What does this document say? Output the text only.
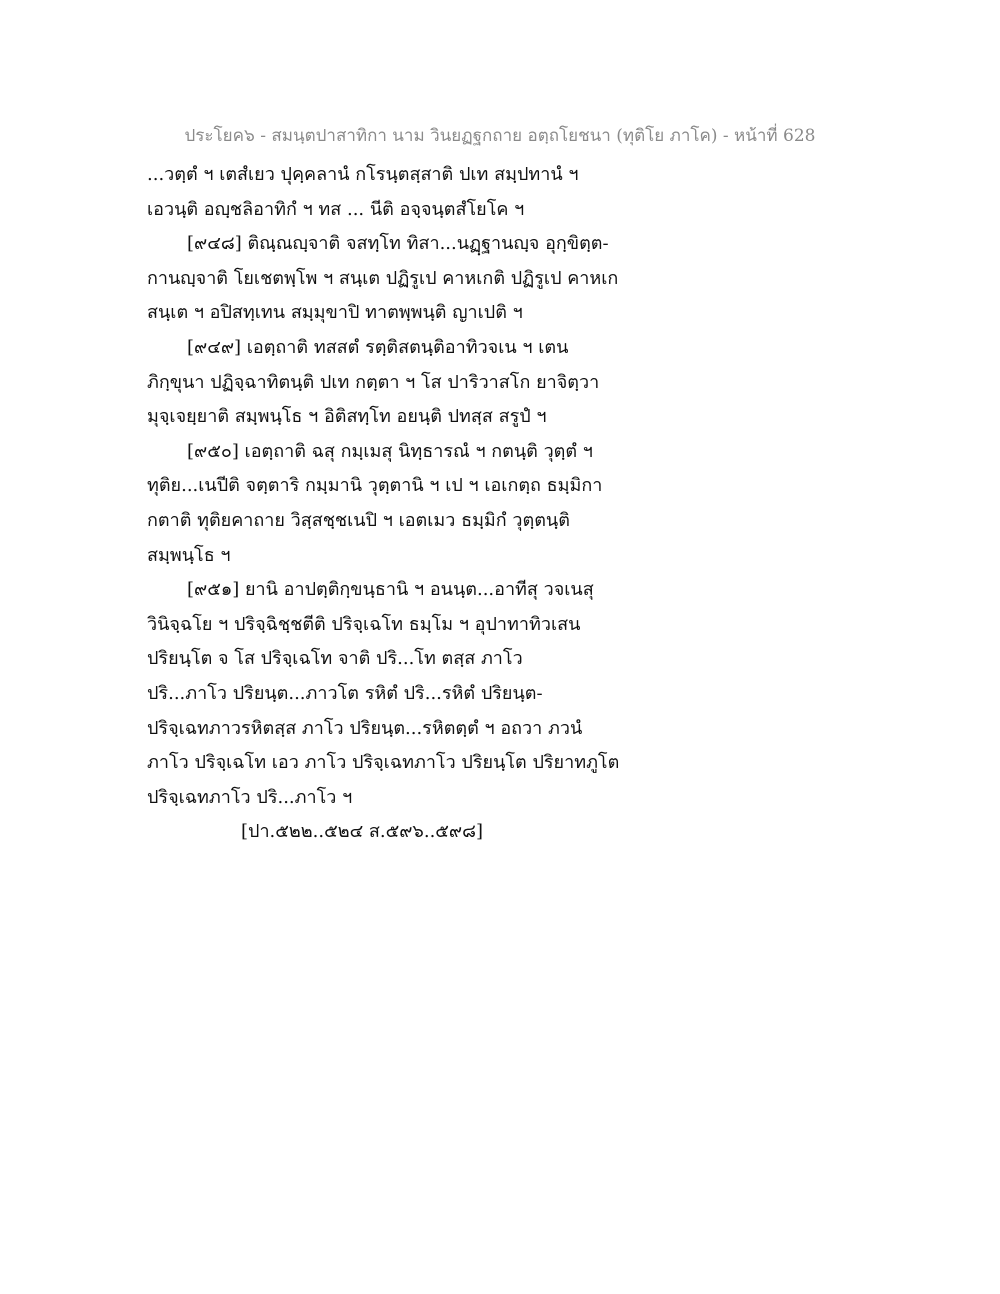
ประโยค๖ - สมนฺตปาสาทิกา นาม วินยฏฐกถาย อตฺถโยชนา (ทุติโย ภาโค) - หน้าที่ 628
...วตฺตํ ฯ เตสํเยว ปุคฺคลานํ กโรนฺตสฺสาติ ปเท สมฺปทานํ ฯ
เอวนฺติ อญฺชลิอาทิกํ ฯ ทส ... นีติ อจฺจนฺตสํโยโค ฯ
[๙๔๘] ติณฺณญฺจาติ จสทฺโท ทิสา...นฏฺฐานญฺจ อุกฺขิตฺต-
กานญฺจาติ โยเชตพฺโพ ฯ สนฺเต ปฏิรูเป คาหเกติ ปฏิรูเป คาหเก
สนฺเต ฯ อปิสทฺเทน สมฺมุขาปิ ทาตพฺพนฺติ ญาเปติ ฯ
[๙๔๙] เอตฺถาติ ทสสตํ รตฺติสตนฺติอาทิวจเน ฯ เตน
ภิกฺขุนา ปฏิจฺฉาทิตนฺติ ปเท กตฺตา ฯ โส ปาริวาสโก ยาจิตฺวา
มุจฺเจยฺยาติ สมฺพนฺโธ ฯ อิติสทฺโท อยนฺติ ปทสฺส สรูปํ ฯ
[๙๕๐] เอตฺถาติ ฉสุ กมฺเมสุ นิทฺธารณํ ฯ กตนฺติ วุตฺตํ ฯ
ทุติย...เนปีติ จตฺตาริ กมฺมานิ วุตฺตานิ ฯ เป ฯ เอเกตฺถ ธมฺมิกา
กตาติ ทุติยคาถาย วิสฺสชฺชเนปิ ฯ เอตเมว ธมฺมิกํ วุตฺตนฺติ
สมฺพนฺโธ ฯ
[๙๕๑] ยานิ อาปตฺติกฺขนฺธานิ ฯ อนนฺต...อาทีสุ วจเนสุ
วินิจฺฉโย ฯ ปริจฺฉิชฺชตีติ ปริจฺเฉโท ธมฺโม ฯ อุปาทาทิวเสน
ปริยนฺโต จ โส ปริจฺเฉโท จาติ ปริ...โท ตสฺส ภาโว
ปริ...ภาโว ปริยนฺต...ภาวโต รหิตํ ปริ...รหิตํ ปริยนฺต-
ปริจฺเฉทภาวรหิตสฺส ภาโว ปริยนฺต...รหิตตฺตํ ฯ อถวา ภวนํ
ภาโว ปริจฺเฉโท เอว ภาโว ปริจฺเฉทภาโว ปริยนฺโต ปริยาทภูโต
ปริจฺเฉทภาโว ปริ...ภาโว ฯ
[ปา.๕๒๒..๕๒๔ ส.๕๙๖..๕๙๘]
